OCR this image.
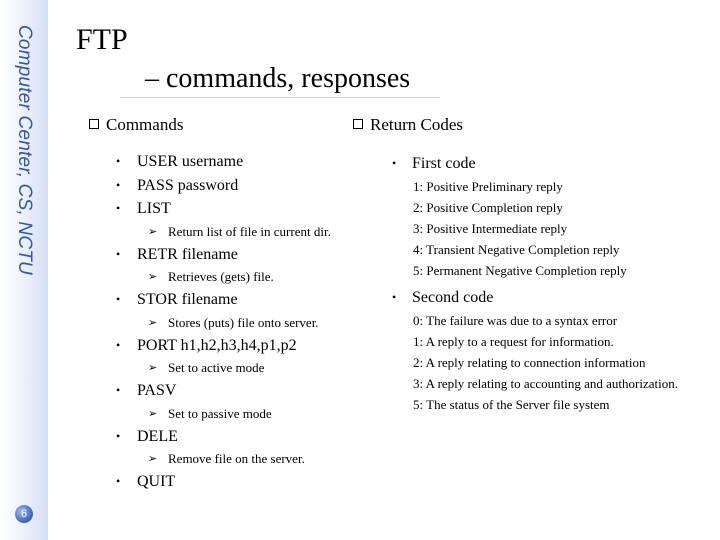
Computer Center, CS, NCTU
6
FTP
– commands, responses
Commands
• USER username
• PASS password
• LIST
➢ Return list of file in current dir.
• RETR filename
➢ Retrieves (gets) file.
• STOR filename
➢ Stores (puts) file onto server.
• PORT h1,h2,h3,h4,p1,p2
➢ Set to active mode
• PASV
➢ Set to passive mode
• DELE
➢ Remove file on the server.
• QUIT
Return Codes
• First code
1: Positive Preliminary reply
2: Positive Completion reply
3: Positive Intermediate reply
4: Transient Negative Completion reply
5: Permanent Negative Completion reply
• Second code
0: The failure was due to a syntax error
1: A reply to a request for information.
2: A reply relating to connection information
3: A reply relating to accounting and authorization.
5: The status of the Server file system
